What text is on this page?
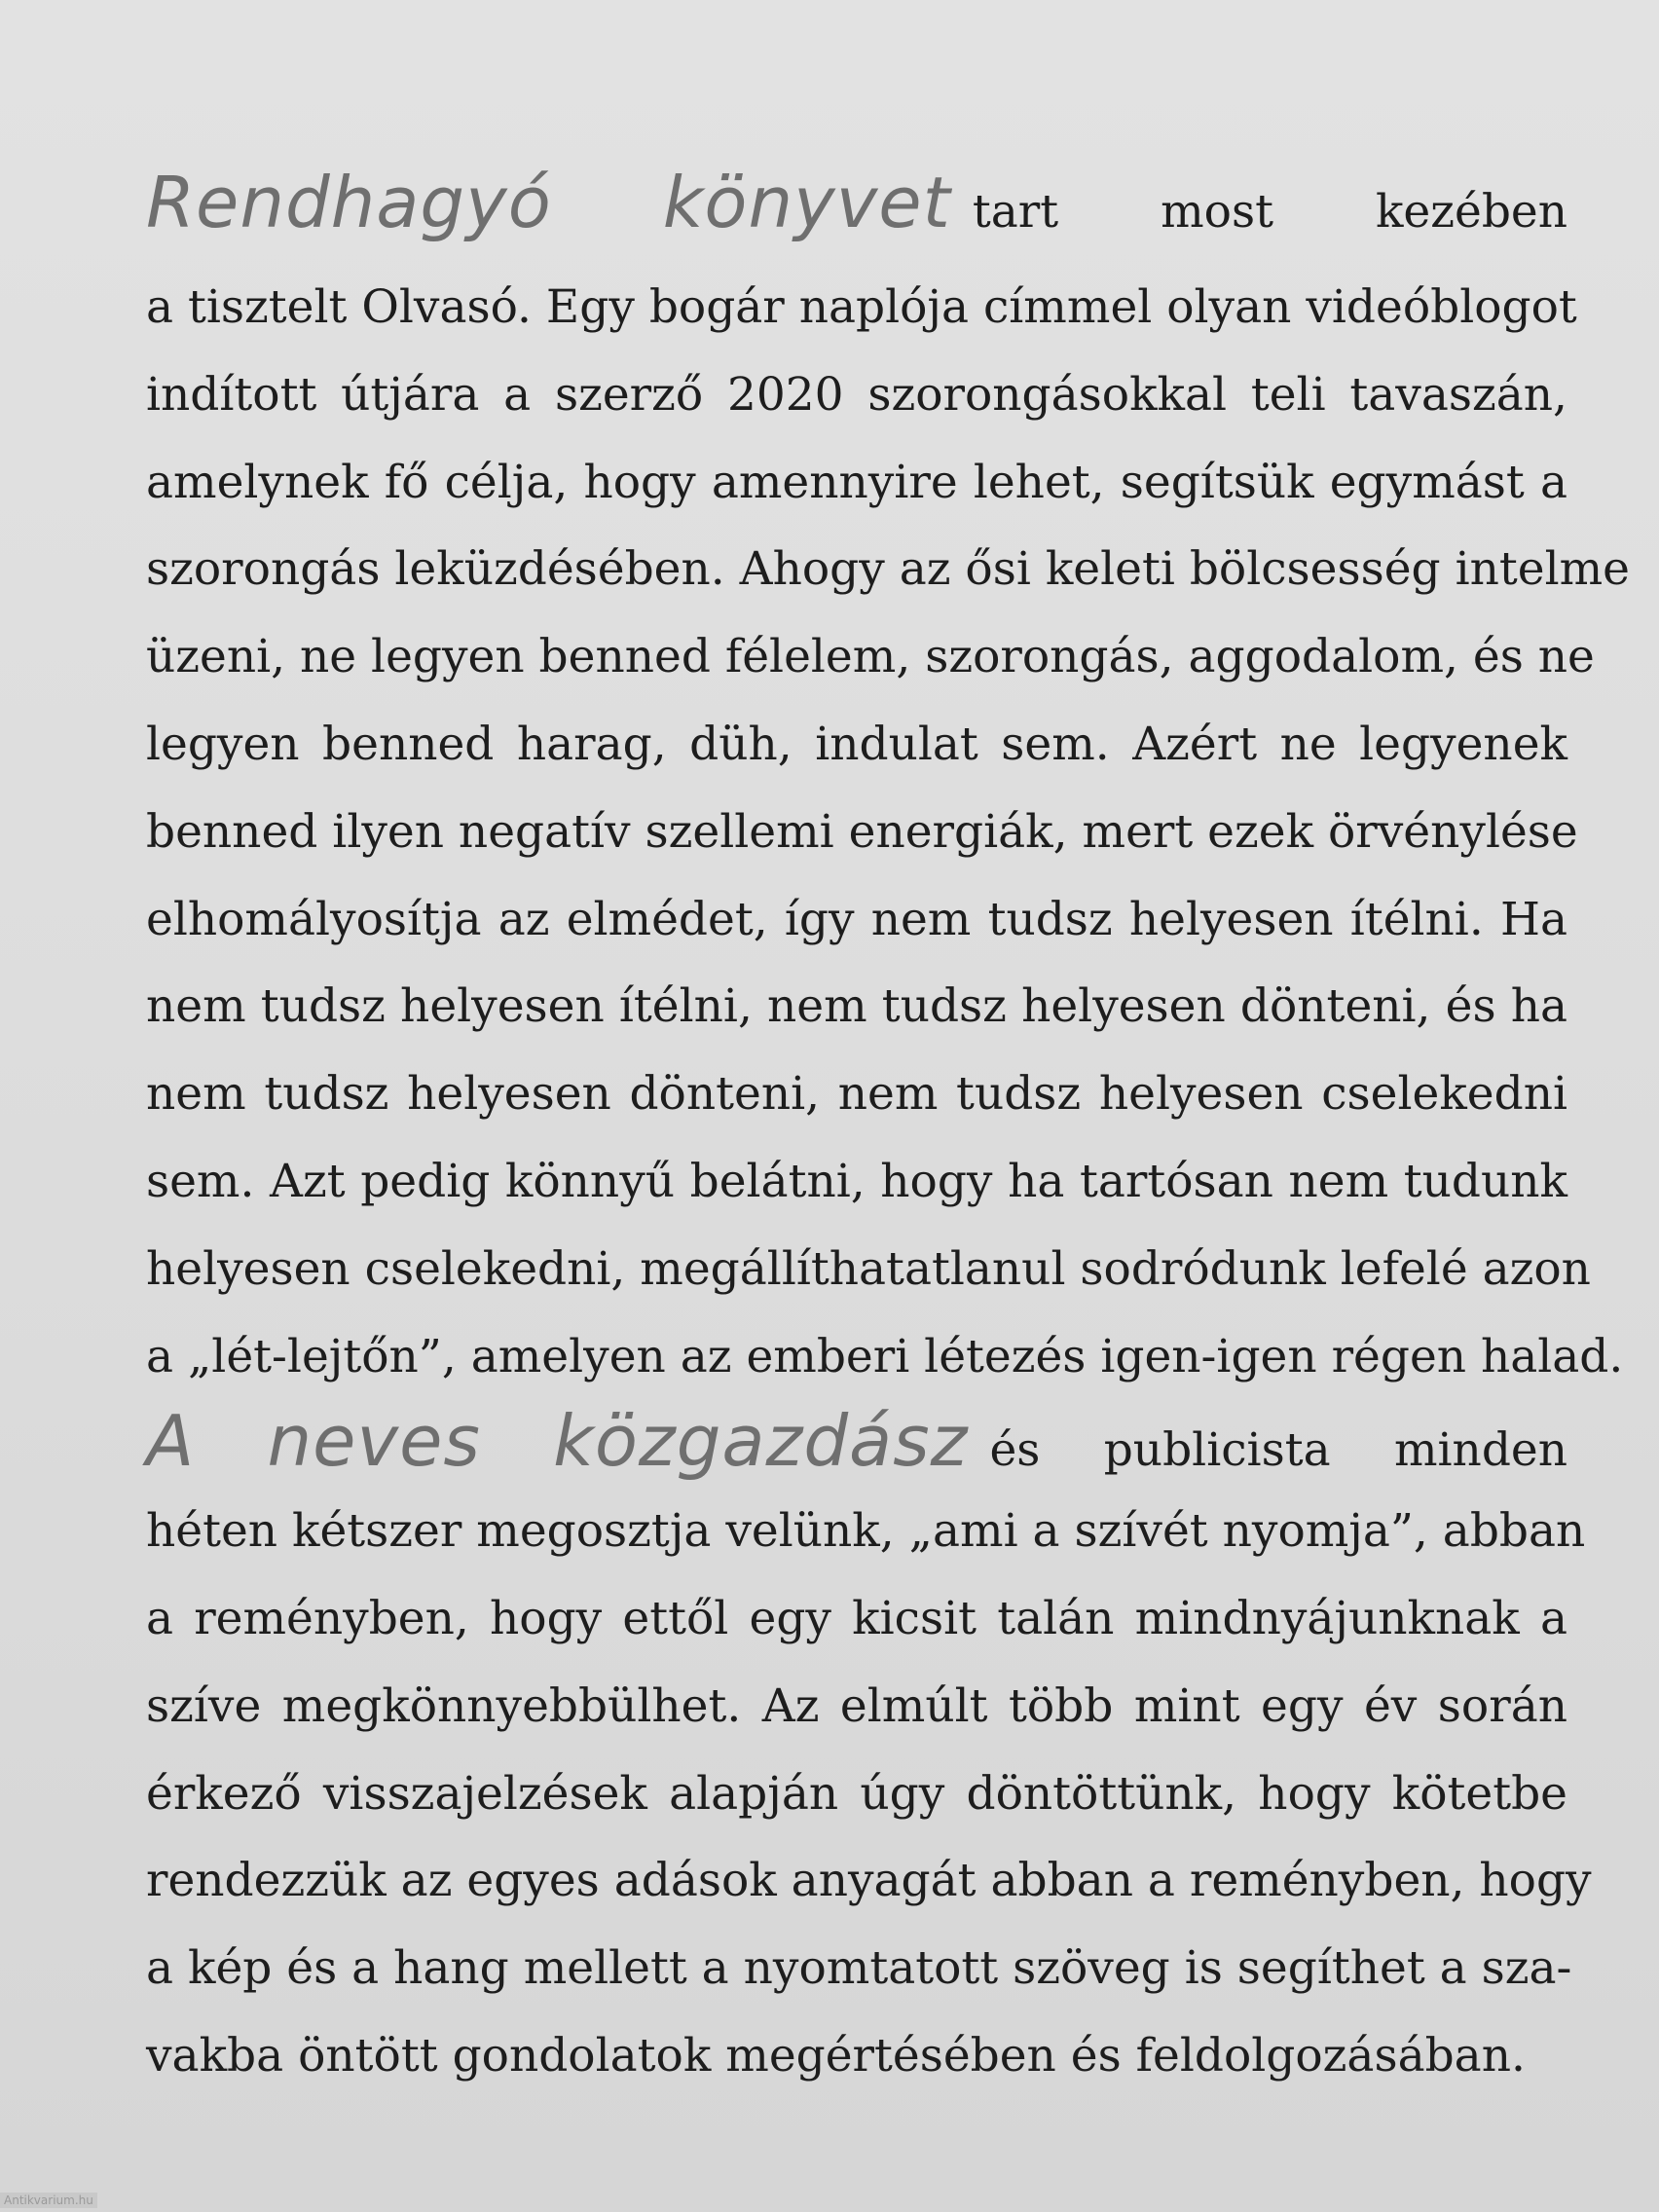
Rendhagyó könyvet tart most kezében
a tisztelt Olvasó. Egy bogár naplója címmel olyan videóblogot
indított útjára a szerző 2020 szorongásokkal teli tavaszán,
amelynek fő célja, hogy amennyire lehet, segítsük egymást a
szorongás leküzdésében. Ahogy az ősi keleti bölcsesség intelme
üzeni, ne legyen benned félelem, szorongás, aggodalom, és ne
legyen benned harag, düh, indulat sem. Azért ne legyenek
benned ilyen negatív szellemi energiák, mert ezek örvénylése
elhomályosítja az elmédet, így nem tudsz helyesen ítélni. Ha
nem tudsz helyesen ítélni, nem tudsz helyesen dönteni, és ha
nem tudsz helyesen dönteni, nem tudsz helyesen cselekedni
sem. Azt pedig könnyű belátni, hogy ha tartósan nem tudunk
helyesen cselekedni, megállíthatatlanul sodródunk lefelé azon
a „lét-lejtőn”, amelyen az emberi létezés igen-igen régen halad.
A neves közgazdász és publicista minden
héten kétszer megosztja velünk, „ami a szívét nyomja”, abban
a reményben, hogy ettől egy kicsit talán mindnyájunknak a
szíve megkönnyebbülhet. Az elmúlt több mint egy év során
érkező visszajelzések alapján úgy döntöttünk, hogy kötetbe
rendezzük az egyes adások anyagát abban a reményben, hogy
a kép és a hang mellett a nyomtatott szöveg is segíthet a sza-
vakba öntött gondolatok megértésében és feldolgozásában.
Antikvarium.hu
